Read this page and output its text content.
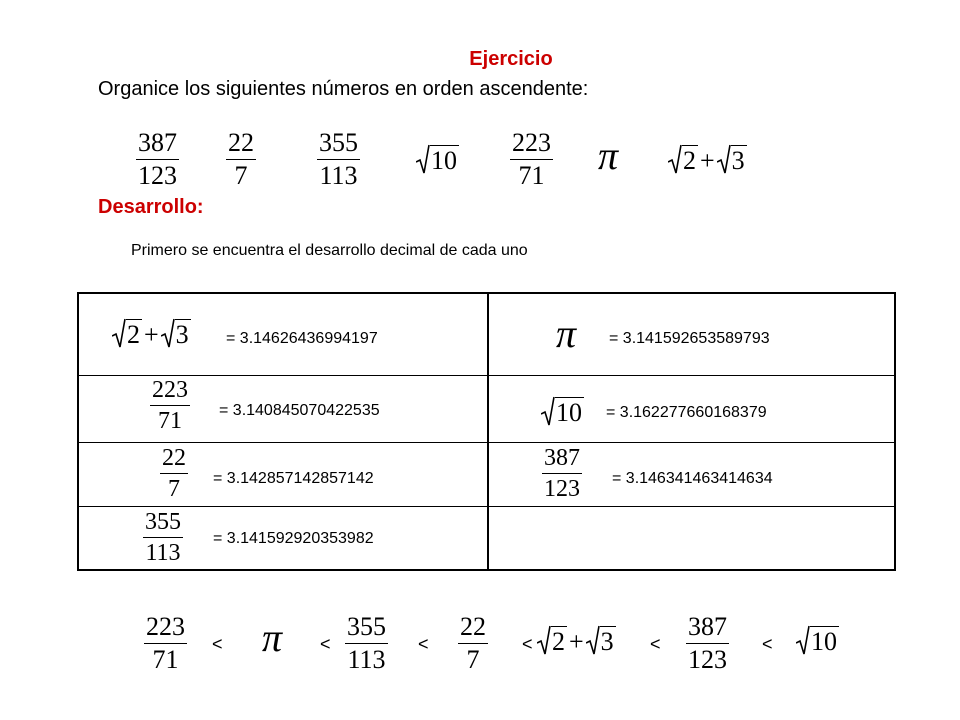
Ejercicio
Organice los siguientes números en orden ascendente:
387
123
22
7
355
113
10
223
71 π 2 + 3
Desarrollo:
Primero se encuentra el desarrollo decimal de cada uno
2 + 3 = 3.14626436994197	π = 3.141592653589793
223
71 = 3.140845070422535	10 = 3.162277660168379
22
7 = 3.142857142857142
387
123 = 3.146341463414634
355
113
= 3.141592920353982
223
71
< π <
355
113
<
22
7
< 2 + 3 <
387
123
< 10
